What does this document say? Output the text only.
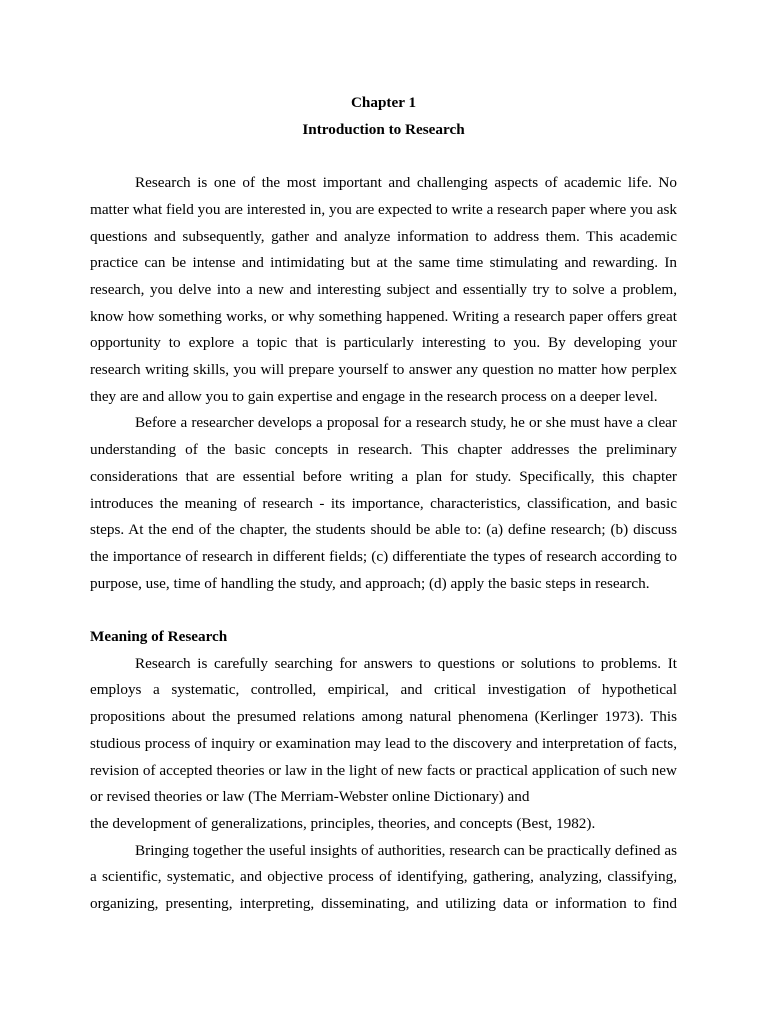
Chapter 1

Introduction to Research

Research is one of the most important and challenging aspects of academic life. No matter what field you are interested in, you are expected to write a research paper where you ask questions and subsequently, gather and analyze information to address them. This academic practice can be intense and intimidating but at the same time stimulating and rewarding. In research, you delve into a new and interesting subject and essentially try to solve a problem, know how something works, or why something happened. Writing a research paper offers great opportunity to explore a topic that is particularly interesting to you. By developing your research writing skills, you will prepare yourself to answer any question no matter how perplex they are and allow you to gain expertise and engage in the research process on a deeper level.

Before a researcher develops a proposal for a research study, he or she must have a clear understanding of the basic concepts in research. This chapter addresses the preliminary considerations that are essential before writing a plan for study. Specifically, this chapter introduces the meaning of research - its importance, characteristics, classification, and basic steps. At the end of the chapter, the students should be able to: (a) define research; (b) discuss the importance of research in different fields; (c) differentiate the types of research according to purpose, use, time of handling the study, and approach; (d) apply the basic steps in research.

Meaning of Research

Research is carefully searching for answers to questions or solutions to problems. It employs a systematic, controlled, empirical, and critical investigation of hypothetical propositions about the presumed relations among natural phenomena (Kerlinger 1973). This studious process of inquiry or examination may lead to the discovery and interpretation of facts, revision of accepted theories or law in the light of new facts or practical application of such new or revised theories or law (The Merriam-Webster online Dictionary) and

the development of generalizations, principles, theories, and concepts (Best, 1982).

Bringing together the useful insights of authorities, research can be practically defined as a scientific, systematic, and objective process of identifying, gathering, analyzing, classifying, organizing, presenting, interpreting, disseminating, and utilizing data or information to find
